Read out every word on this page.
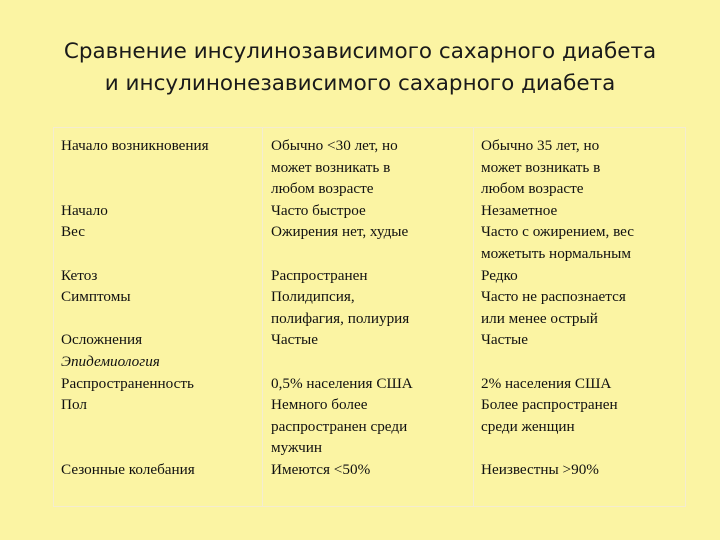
Сравнение инсулинозависимого сахарного диабета
и инсулинонезависимого сахарного диабета
Начало возникновения
Начало
Вес
Кетоз
Симптомы
Осложнения
Эпидемиология
Распространенность
Пол
Сезонные колебания
Обычно <30 лет, но
может возникать в
любом возрасте
Часто быстрое
Ожирения нет, худые
Распространен
Полидипсия,
полифагия, полиурия
Частые
0,5% населения США
Немного более
распространен среди
мужчин
Имеются <50%
Обычно 35 лет, но
может возникать в
любом возрасте
Незаметное
Часто с ожирением, вес
можетыть нормальным
Редко
Часто не распознается
или менее острый
Частые
2% населения США
Более распространен
среди женщин
Неизвестны >90%
